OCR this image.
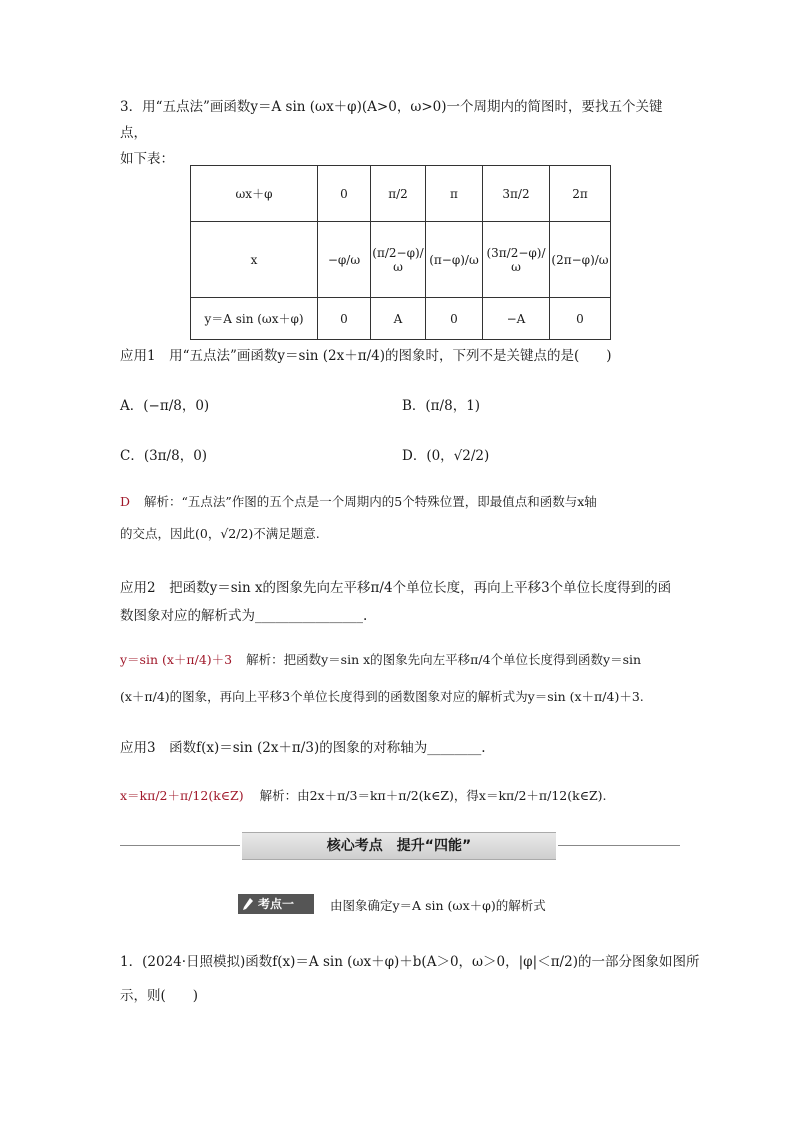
3．用“五点法”画函数y＝A sin (ωx＋φ)(A>0，ω>0)一个周期内的简图时，要找五个关键点，
如下表：
ωx＋φ	0	π/2	π	3π/2	2π
x	−φ/ω	(π/2−φ)/ω	(π−φ)/ω	(3π/2−φ)/ω	(2π−φ)/ω
y＝A sin (ωx＋φ)	0	A	0	−A	0
应用1　用“五点法”画函数y＝sin (2x＋π/4)的图象时，下列不是关键点的是(　　)
A．(−π/8，0)	B．(π/8，1)
C．(3π/8，0)	D．(0，√2/2)
D 解析：“五点法”作图的五个点是一个周期内的5个特殊位置，即最值点和函数与x轴
的交点，因此(0，√2/2)不满足题意.
应用2　把函数y＝sin x的图象先向左平移π/4个单位长度，再向上平移3个单位长度得到的函
数图象对应的解析式为________________.
y＝sin (x＋π/4)＋3 解析：把函数y＝sin x的图象先向左平移π/4个单位长度得到函数y＝sin
(x＋π/4)的图象，再向上平移3个单位长度得到的函数图象对应的解析式为y＝sin (x＋π/4)＋3.
应用3　函数f(x)＝sin (2x＋π/3)的图象的对称轴为________.
x＝kπ/2＋π/12(k∈Z) 解析：由2x＋π/3＝kπ＋π/2(k∈Z)，得x＝kπ/2＋π/12(k∈Z).
核心考点　提升“四能”
考点一	由图象确定y＝A sin (ωx＋φ)的解析式
1．(2024·日照模拟)函数f(x)＝A sin (ωx＋φ)＋b(A＞0，ω＞0，|φ|＜π/2)的一部分图象如图所
示，则(　　)
